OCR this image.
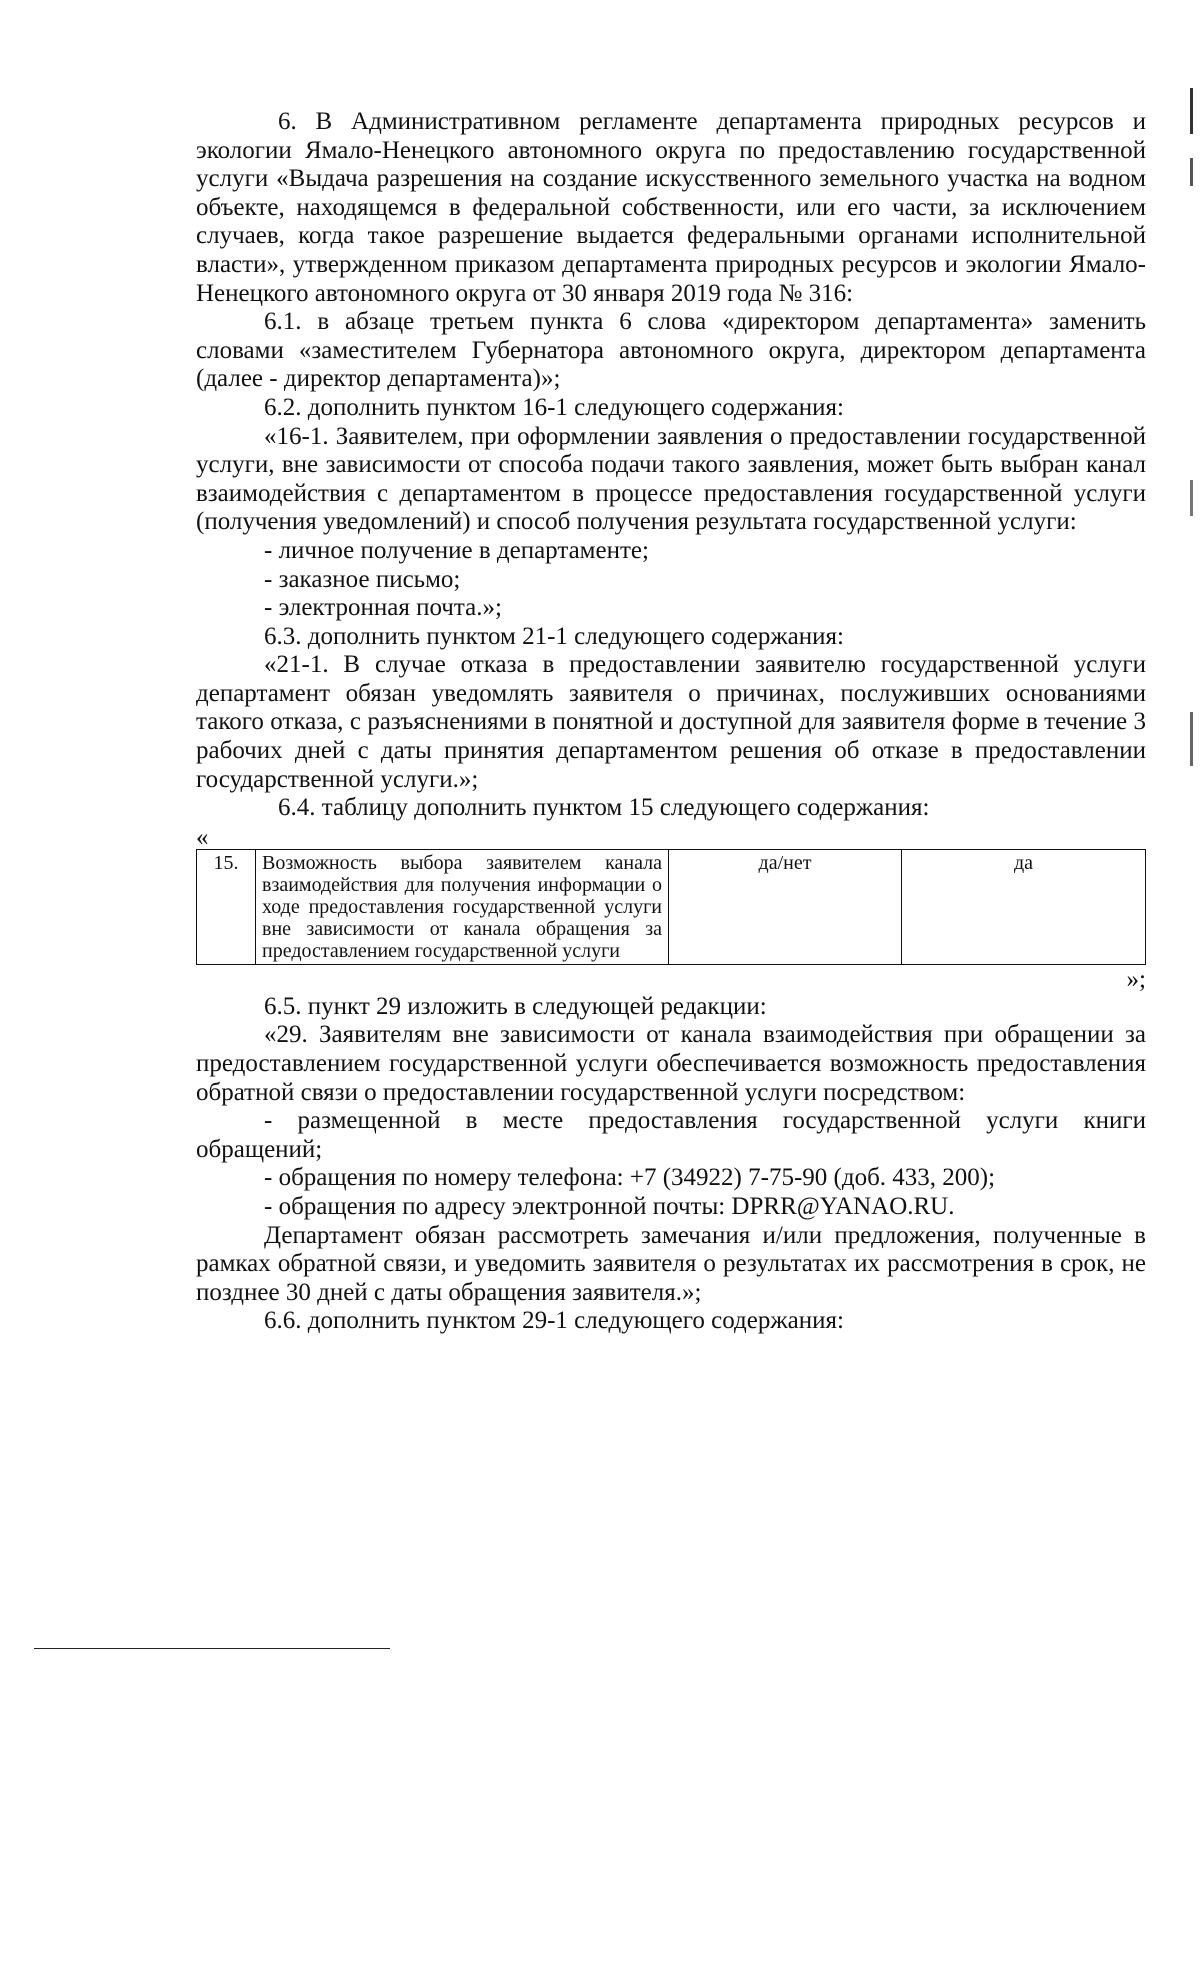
6. В Административном регламенте департамента природных ресурсов и экологии Ямало-Ненецкого автономного округа по предоставлению государственной услуги «Выдача разрешения на создание искусственного земельного участка на водном объекте, находящемся в федеральной собственности, или его части, за исключением случаев, когда такое разрешение выдается федеральными органами исполнительной власти», утвержденном приказом департамента природных ресурсов и экологии Ямало-Ненецкого автономного округа от 30 января 2019 года № 316:

6.1. в абзаце третьем пункта 6 слова «директором департамента» заменить словами «заместителем Губернатора автономного округа, директором департамента (далее - директор департамента)»;

6.2. дополнить пунктом 16-1 следующего содержания:

«16-1. Заявителем, при оформлении заявления о предоставлении государственной услуги, вне зависимости от способа подачи такого заявления, может быть выбран канал взаимодействия с департаментом в процессе предоставления государственной услуги (получения уведомлений) и способ получения результата государственной услуги:

- личное получение в департаменте;

- заказное письмо;

- электронная почта.»;

6.3. дополнить пунктом 21-1 следующего содержания:

«21-1. В случае отказа в предоставлении заявителю государственной услуги департамент обязан уведомлять заявителя о причинах, послуживших основаниями такого отказа, с разъяснениями в понятной и доступной для заявителя форме в течение 3 рабочих дней с даты принятия департаментом решения об отказе в предоставлении государственной услуги.»;

6.4. таблицу дополнить пунктом 15 следующего содержания:

«

15.	Возможность выбора заявителем канала взаимодействия для получения информации о ходе предоставления государственной услуги вне зависимости от канала обращения за предоставлением государственной услуги	да/нет	да

»;

6.5. пункт 29 изложить в следующей редакции:

«29. Заявителям вне зависимости от канала взаимодействия при обращении за предоставлением государственной услуги обеспечивается возможность предоставления обратной связи о предоставлении государственной услуги посредством:

- размещенной в месте предоставления государственной услуги книги обращений;

- обращения по номеру телефона: +7 (34922) 7-75-90 (доб. 433, 200);

- обращения по адресу электронной почты: DPRR@YANAO.RU.

Департамент обязан рассмотреть замечания и/или предложения, полученные в рамках обратной связи, и уведомить заявителя о результатах их рассмотрения в срок, не позднее 30 дней с даты обращения заявителя.»;

6.6. дополнить пунктом 29-1 следующего содержания:
